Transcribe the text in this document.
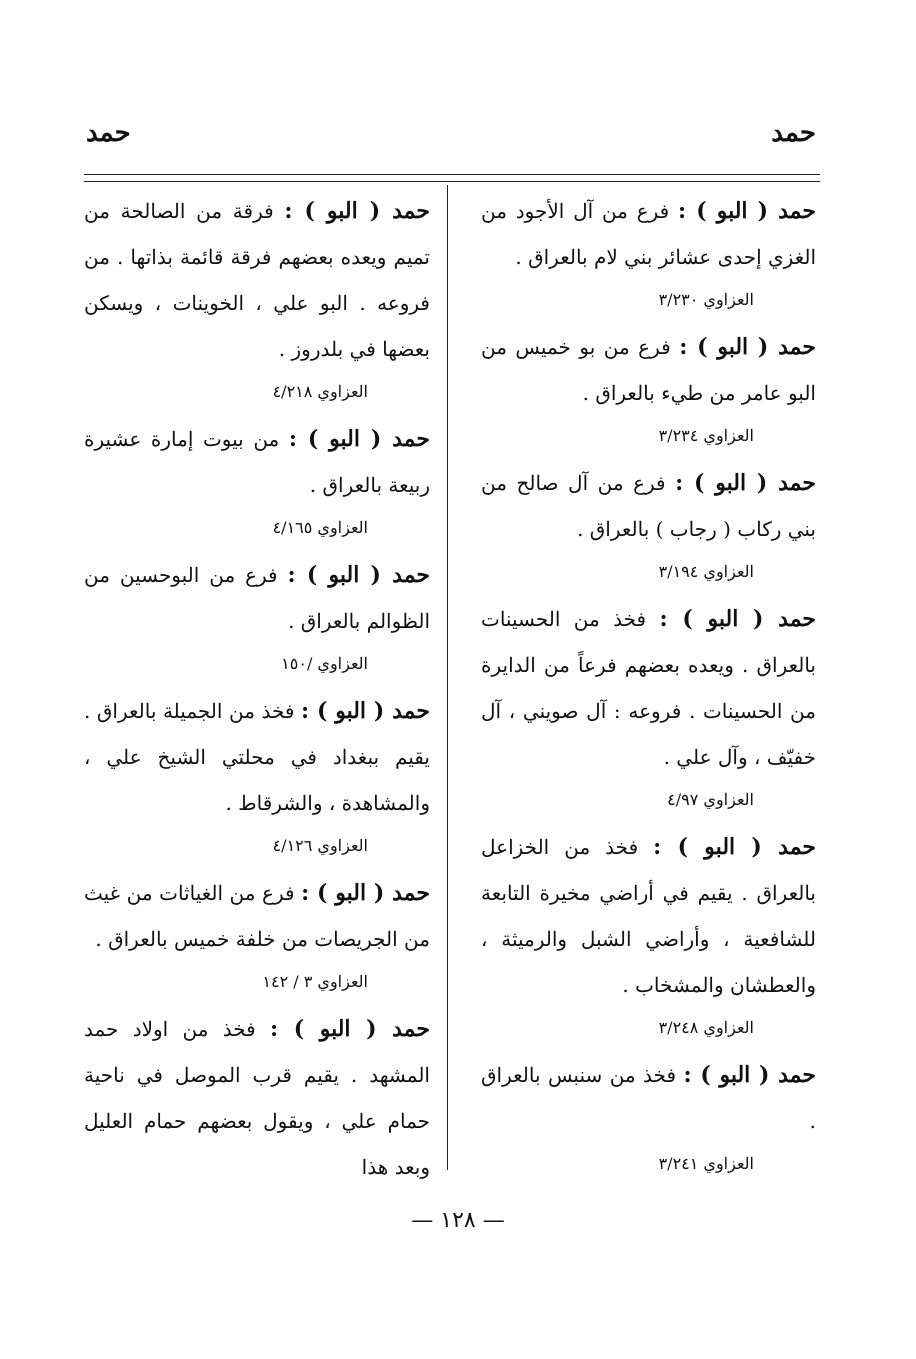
حمد
حمد
حمد ( البو ) : فرع من آل الأجود من الغزي إحدى عشائر بني لام بالعراق .
العزاوي ٣/٢٣٠
حمد ( البو ) : فرع من بو خميس من البو عامر من طيء بالعراق .
العزاوي ٣/٢٣٤
حمد ( البو ) : فرع من آل صالح من بني ركاب ( رجاب ) بالعراق .
العزاوي ٣/١٩٤
حمد ( البو ) : فخذ من الحسينات بالعراق . ويعده بعضهم فرعاً من الدايرة من الحسينات . فروعه : آل صويني ، آل خفيّف ، وآل علي .
العزاوي ٤/٩٧
حمد ( البو ) : فخذ من الخزاعل بالعراق . يقيم في أراضي مخيرة التابعة للشافعية ، وأراضي الشبل والرميثة ، والعطشان والمشخاب .
العزاوي ٣/٢٤٨
حمد ( البو ) : فخذ من سنبس بالعراق .
العزاوي ٣/٢٤١
حمد ( البو ) : فرقة من الصالحة من تميم ويعده بعضهم فرقة قائمة بذاتها . من فروعه . البو علي ، الخوينات ، ويسكن بعضها في بلدروز .
العزاوي ٤/٢١٨
حمد ( البو ) : من بيوت إمارة عشيرة ربيعة بالعراق .
العزاوي ٤/١٦٥
حمد ( البو ) : فرع من البوحسين من الظوالم بالعراق .
العزاوي /١٥٠
حمد ( البو ) : فخذ من الجميلة بالعراق . يقيم ببغداد في محلتي الشيخ علي ، والمشاهدة ، والشرقاط .
العزاوي ٤/١٢٦
حمد ( البو ) : فرع من الغياثات من غيث من الجريصات من خلفة خميس بالعراق .
العزاوي ٣ / ١٤٢
حمد ( البو ) : فخذ من اولاد حمد المشهد . يقيم قرب الموصل في ناحية حمام علي ، ويقول بعضهم حمام العليل وبعد هذا
— ١٢٨ —
